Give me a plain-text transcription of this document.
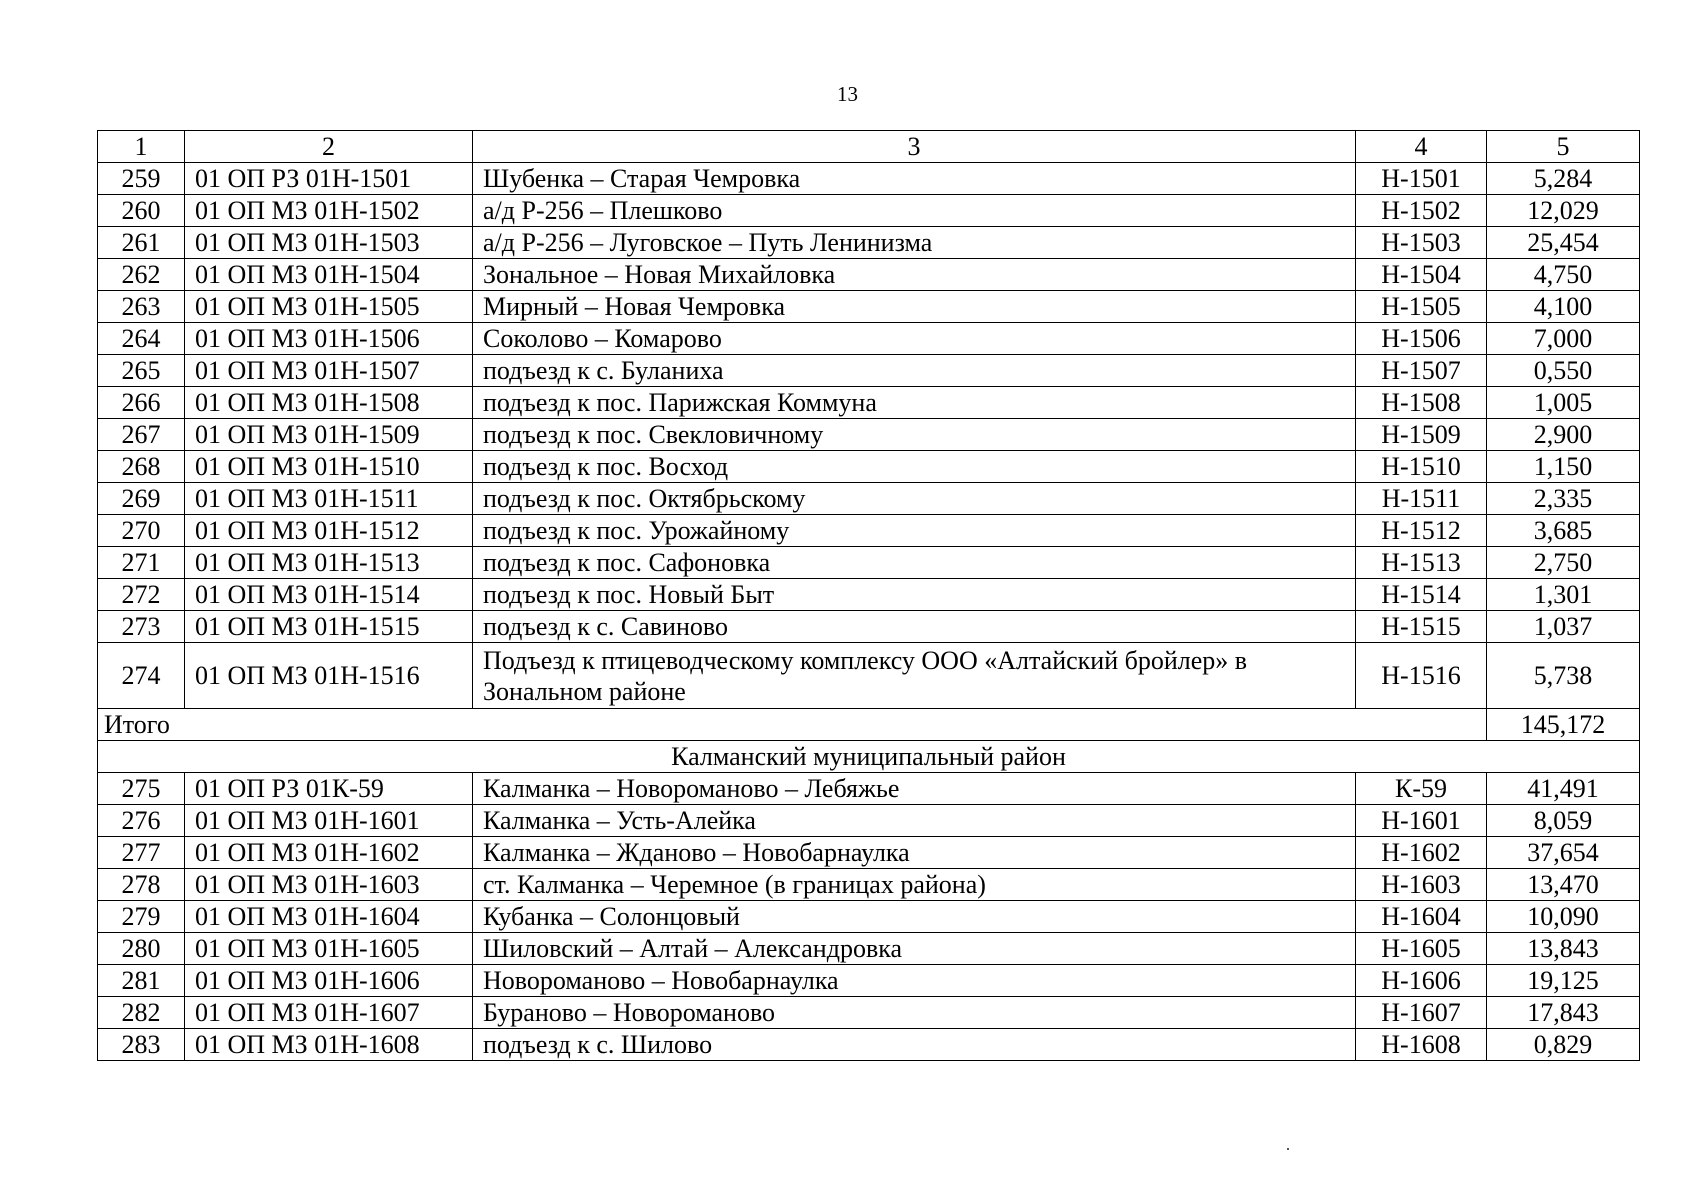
13
1	2	3	4	5
259	01 ОП РЗ 01Н-1501	Шубенка – Старая Чемровка	Н-1501	5,284
260	01 ОП МЗ 01Н-1502	а/д Р-256 – Плешково	Н-1502	12,029
261	01 ОП МЗ 01Н-1503	а/д Р-256 – Луговское – Путь Ленинизма	Н-1503	25,454
262	01 ОП МЗ 01Н-1504	Зональное – Новая Михайловка	Н-1504	4,750
263	01 ОП МЗ 01Н-1505	Мирный – Новая Чемровка	Н-1505	4,100
264	01 ОП МЗ 01Н-1506	Соколово – Комарово	Н-1506	7,000
265	01 ОП МЗ 01Н-1507	подъезд к с. Буланиха	Н-1507	0,550
266	01 ОП МЗ 01Н-1508	подъезд к пос. Парижская Коммуна	Н-1508	1,005
267	01 ОП МЗ 01Н-1509	подъезд к пос. Свекловичному	Н-1509	2,900
268	01 ОП МЗ 01Н-1510	подъезд к пос. Восход	Н-1510	1,150
269	01 ОП МЗ 01Н-1511	подъезд к пос. Октябрьскому	Н-1511	2,335
270	01 ОП МЗ 01Н-1512	подъезд к пос. Урожайному	Н-1512	3,685
271	01 ОП МЗ 01Н-1513	подъезд к пос. Сафоновка	Н-1513	2,750
272	01 ОП МЗ 01Н-1514	подъезд к пос. Новый Быт	Н-1514	1,301
273	01 ОП МЗ 01Н-1515	подъезд к с. Савиново	Н-1515	1,037
274	01 ОП МЗ 01Н-1516	Подъезд к птицеводческому комплексу ООО «Алтайский бройлер» в Зональном районе	Н-1516	5,738
Итого				145,172
Калманский муниципальный район				
275	01 ОП РЗ 01К-59	Калманка – Новороманово – Лебяжье	К-59	41,491
276	01 ОП МЗ 01Н-1601	Калманка – Усть-Алейка	Н-1601	8,059
277	01 ОП МЗ 01Н-1602	Калманка – Жданово – Новобарнаулка	Н-1602	37,654
278	01 ОП МЗ 01Н-1603	ст. Калманка – Черемное (в границах района)	Н-1603	13,470
279	01 ОП МЗ 01Н-1604	Кубанка – Солонцовый	Н-1604	10,090
280	01 ОП МЗ 01Н-1605	Шиловский – Алтай – Александровка	Н-1605	13,843
281	01 ОП МЗ 01Н-1606	Новороманово – Новобарнаулка	Н-1606	19,125
282	01 ОП МЗ 01Н-1607	Бураново – Новороманово	Н-1607	17,843
283	01 ОП МЗ 01Н-1608	подъезд к с. Шилово	Н-1608	0,829
